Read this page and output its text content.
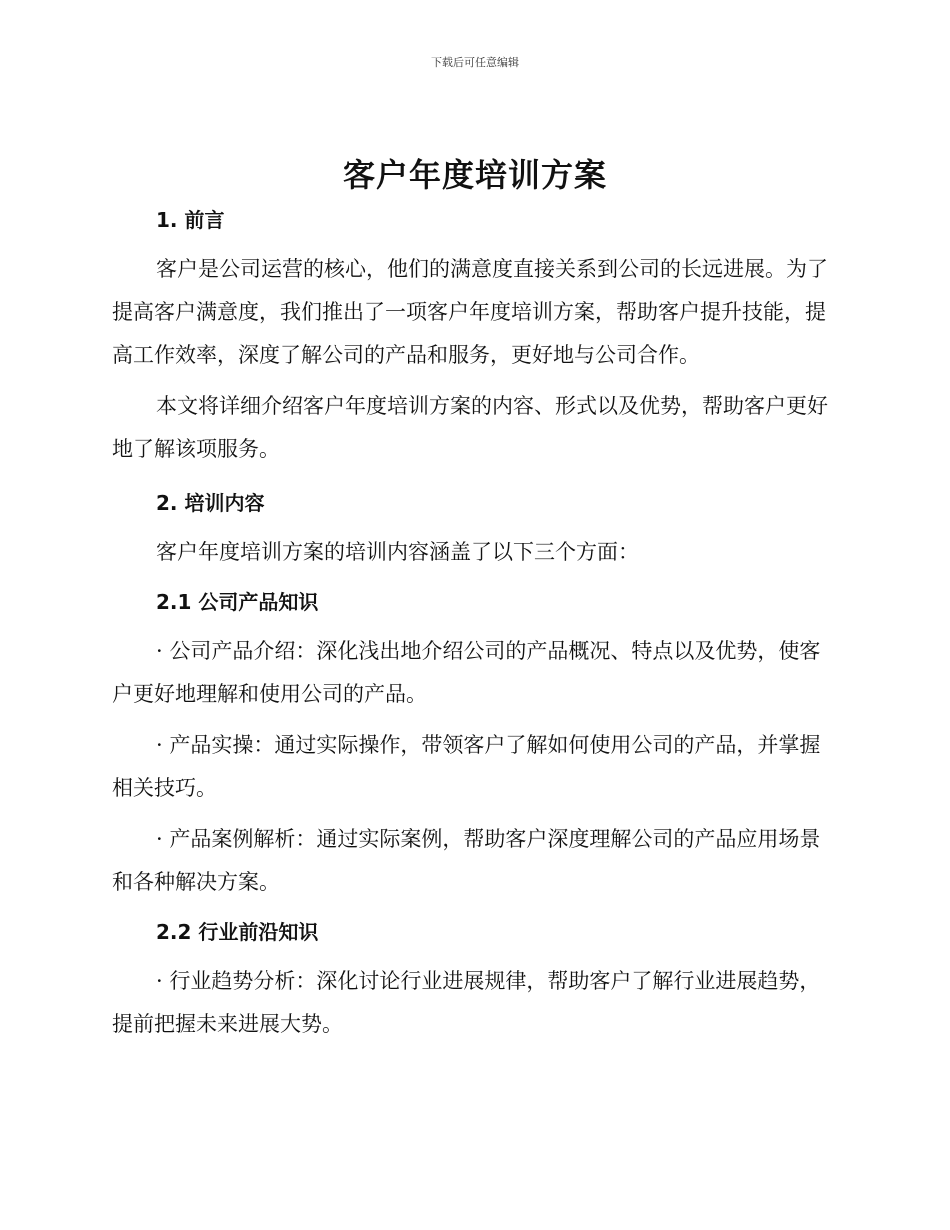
下载后可任意编辑
客户年度培训方案
1. 前言

客户是公司运营的核心，他们的满意度直接关系到公司的长远进展。为了提高客户满意度，我们推出了一项客户年度培训方案，帮助客户提升技能，提高工作效率，深度了解公司的产品和服务，更好地与公司合作。

本文将详细介绍客户年度培训方案的内容、形式以及优势，帮助客户更好地了解该项服务。

2. 培训内容

客户年度培训方案的培训内容涵盖了以下三个方面：

2.1 公司产品知识

· 公司产品介绍：深化浅出地介绍公司的产品概况、特点以及优势，使客户更好地理解和使用公司的产品。

· 产品实操：通过实际操作，带领客户了解如何使用公司的产品，并掌握相关技巧。

· 产品案例解析：通过实际案例，帮助客户深度理解公司的产品应用场景和各种解决方案。

2.2 行业前沿知识

· 行业趋势分析：深化讨论行业进展规律，帮助客户了解行业进展趋势，提前把握未来进展大势。
